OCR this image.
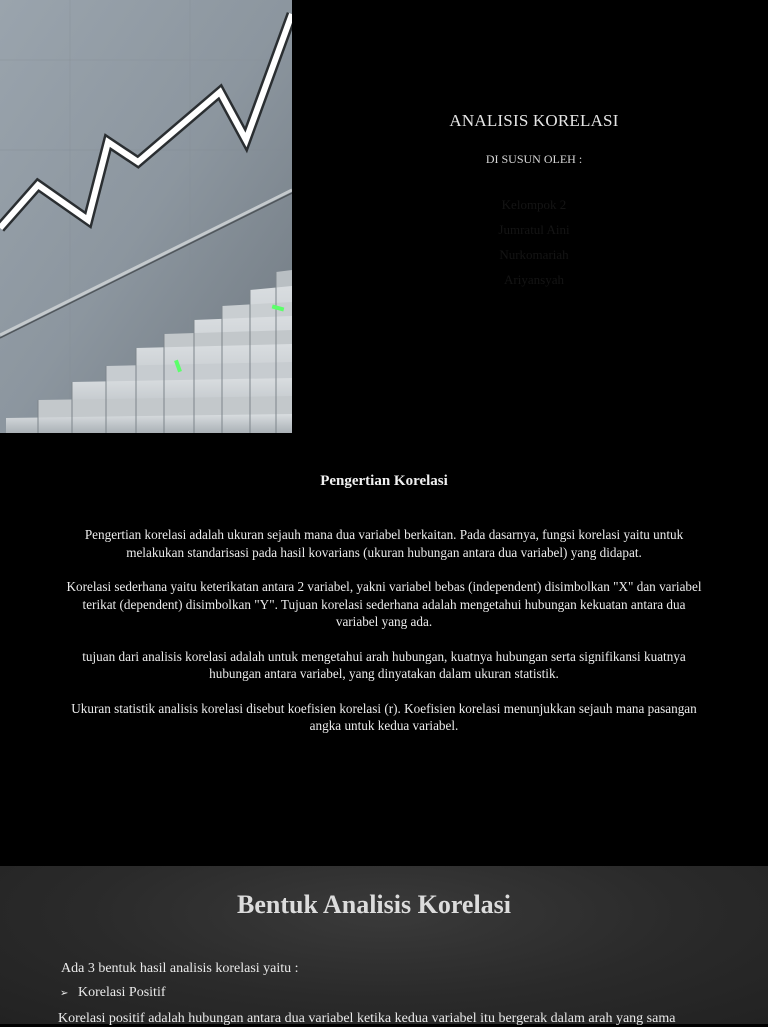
ANALISIS KORELASI
DI SUSUN OLEH :
Kelompok 2
Jumratul Aini
Nurkomariah
Ariyansyah
Pengertian Korelasi

Pengertian korelasi adalah ukuran sejauh mana dua variabel berkaitan. Pada dasarnya, fungsi korelasi yaitu untuk melakukan standarisasi pada hasil kovarians (ukuran hubungan antara dua variabel) yang didapat.

Korelasi sederhana yaitu keterikatan antara 2 variabel, yakni variabel bebas (independent) disimbolkan "X" dan variabel terikat (dependent) disimbolkan "Y". Tujuan korelasi sederhana adalah mengetahui hubungan kekuatan antara dua variabel yang ada.

tujuan dari analisis korelasi adalah untuk mengetahui arah hubungan, kuatnya hubungan serta signifikansi kuatnya hubungan antara variabel, yang dinyatakan dalam ukuran statistik.

Ukuran statistik analisis korelasi disebut koefisien korelasi (r). Koefisien korelasi menunjukkan sejauh mana pasangan angka untuk kedua variabel.

Bentuk Analisis Korelasi
Ada 3 bentuk hasil analisis korelasi yaitu :
➢ Korelasi Positif
Korelasi positif adalah hubungan antara dua variabel ketika kedua variabel itu bergerak dalam arah yang sama
